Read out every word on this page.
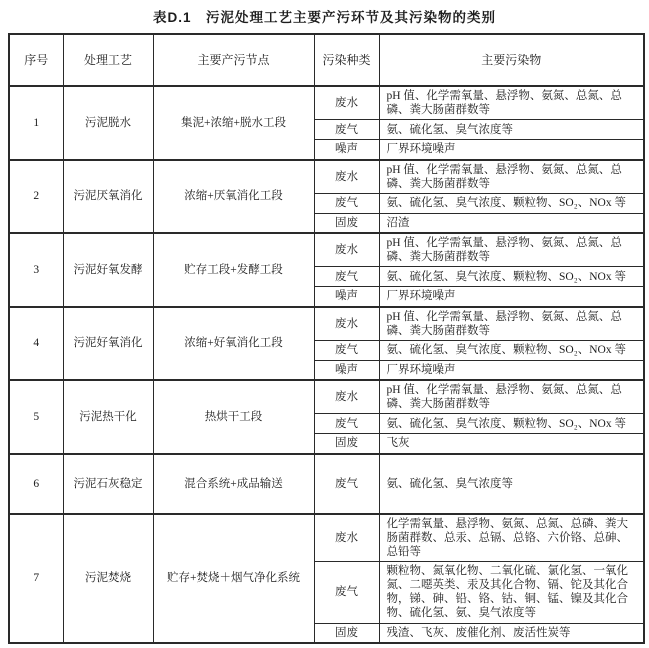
表D.1　污泥处理工艺主要产污环节及其污染物的类别
序号	处理工艺	主要产污节点	污染种类	主要污染物
1	污泥脱水	集泥+浓缩+脱水工段	废水	pH 值、化学需氧量、悬浮物、氨氮、总氮、总磷、粪大肠菌群数等
			废气	氨、硫化氢、臭气浓度等
			噪声	厂界环境噪声
2	污泥厌氧消化	浓缩+厌氧消化工段	废水	pH 值、化学需氧量、悬浮物、氨氮、总氮、总磷、粪大肠菌群数等
			废气	氨、硫化氢、臭气浓度、颗粒物、SO₂、NOx 等
			固废	沼渣
3	污泥好氧发酵	贮存工段+发酵工段	废水	pH 值、化学需氧量、悬浮物、氨氮、总氮、总磷、粪大肠菌群数等
			废气	氨、硫化氢、臭气浓度、颗粒物、SO₂、NOx 等
			噪声	厂界环境噪声
4	污泥好氧消化	浓缩+好氧消化工段	废水	pH 值、化学需氧量、悬浮物、氨氮、总氮、总磷、粪大肠菌群数等
			废气	氨、硫化氢、臭气浓度、颗粒物、SO₂、NOx 等
			噪声	厂界环境噪声
5	污泥热干化	热烘干工段	废水	pH 值、化学需氧量、悬浮物、氨氮、总氮、总磷、粪大肠菌群数等
			废气	氨、硫化氢、臭气浓度、颗粒物、SO₂、NOx 等
			固废	飞灰
6	污泥石灰稳定	混合系统+成品输送	废气	氨、硫化氢、臭气浓度等
7	污泥焚烧	贮存+焚烧＋烟气净化系统	废水	化学需氧量、悬浮物、氨氮、总氮、总磷、粪大肠菌群数、总汞、总镉、总铬、六价铬、总砷、总铅等
			废气	颗粒物、氮氧化物、二氧化硫、氯化氢、一氧化氮、二噁英类、汞及其化合物、镉、铊及其化合物，锑、砷、铅、铬、钴、铜、锰、镍及其化合物、硫化氢、氨、臭气浓度等
			固废	残渣、飞灰、废催化剂、废活性炭等
